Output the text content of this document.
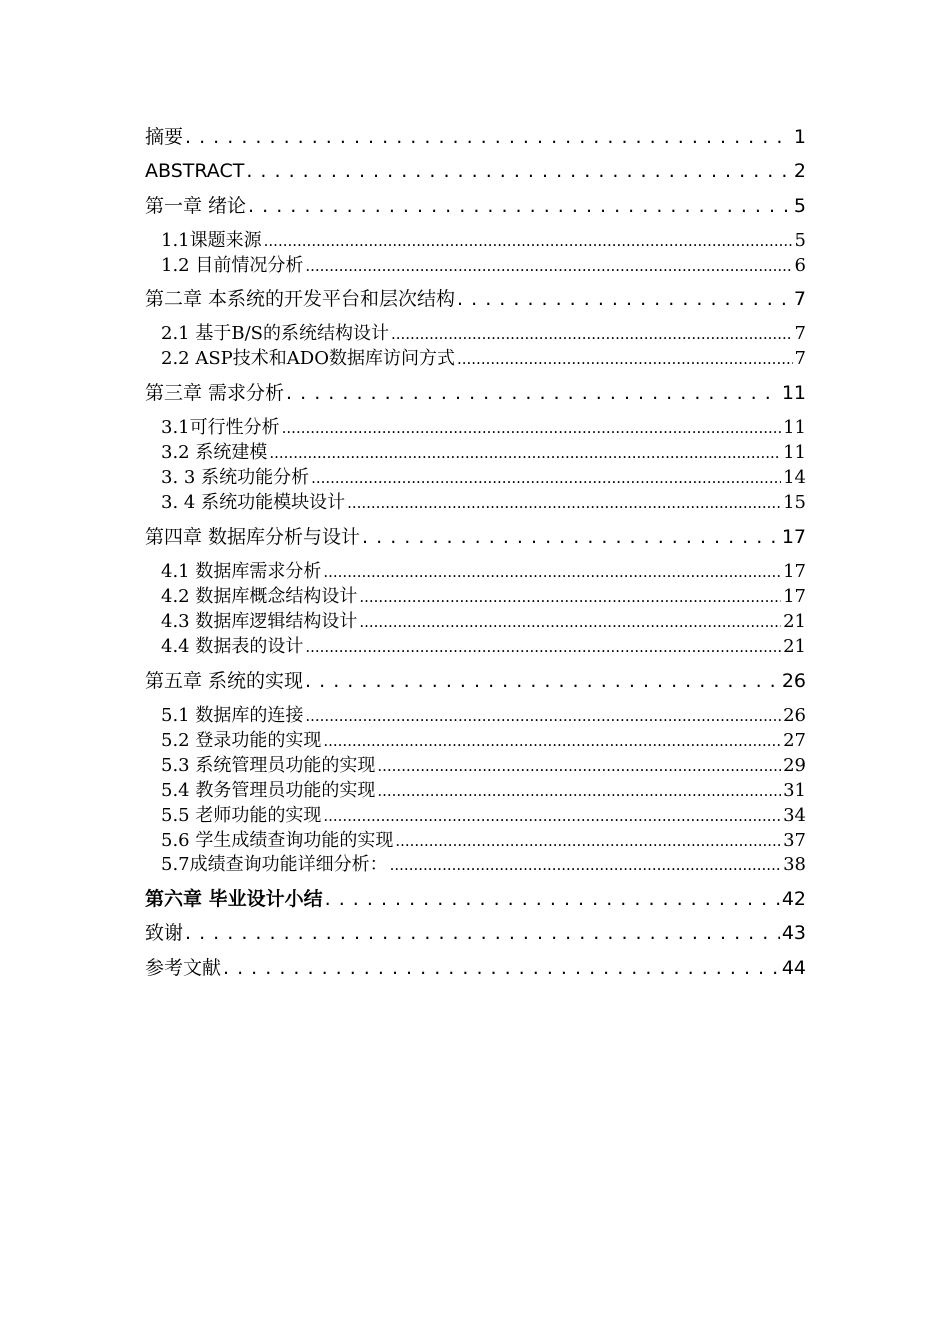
摘要 . . .	1
ABSTRACT . . .	2
第一章 绪论 . . .	5
1.1课题来源 .....	5
1.2 目前情况分析 .....	6
第二章 本系统的开发平台和层次结构 . . .	7
2.1 基于B/S的系统结构设计 .....	7
2.2 ASP技术和ADO数据库访问方式 .....	7
第三章 需求分析 . . .	11
3.1可行性分析 .....	11
3.2 系统建模 .....	11
3. 3 系统功能分析 .....	14
3. 4 系统功能模块设计 .....	15
第四章 数据库分析与设计 . . .	17
4.1 数据库需求分析 .....	17
4.2 数据库概念结构设计 .....	17
4.3 数据库逻辑结构设计 .....	21
4.4 数据表的设计 .....	21
第五章 系统的实现 . . .	26
5.1 数据库的连接 .....	26
5.2 登录功能的实现 .....	27
5.3 系统管理员功能的实现 .....	29
5.4 教务管理员功能的实现 .....	31
5.5 老师功能的实现 .....	34
5.6 学生成绩查询功能的实现 .....	37
5.7成绩查询功能详细分析： .....	38
第六章 毕业设计小结 . . .	42
致谢 . . .	43
参考文献 . . .	44
